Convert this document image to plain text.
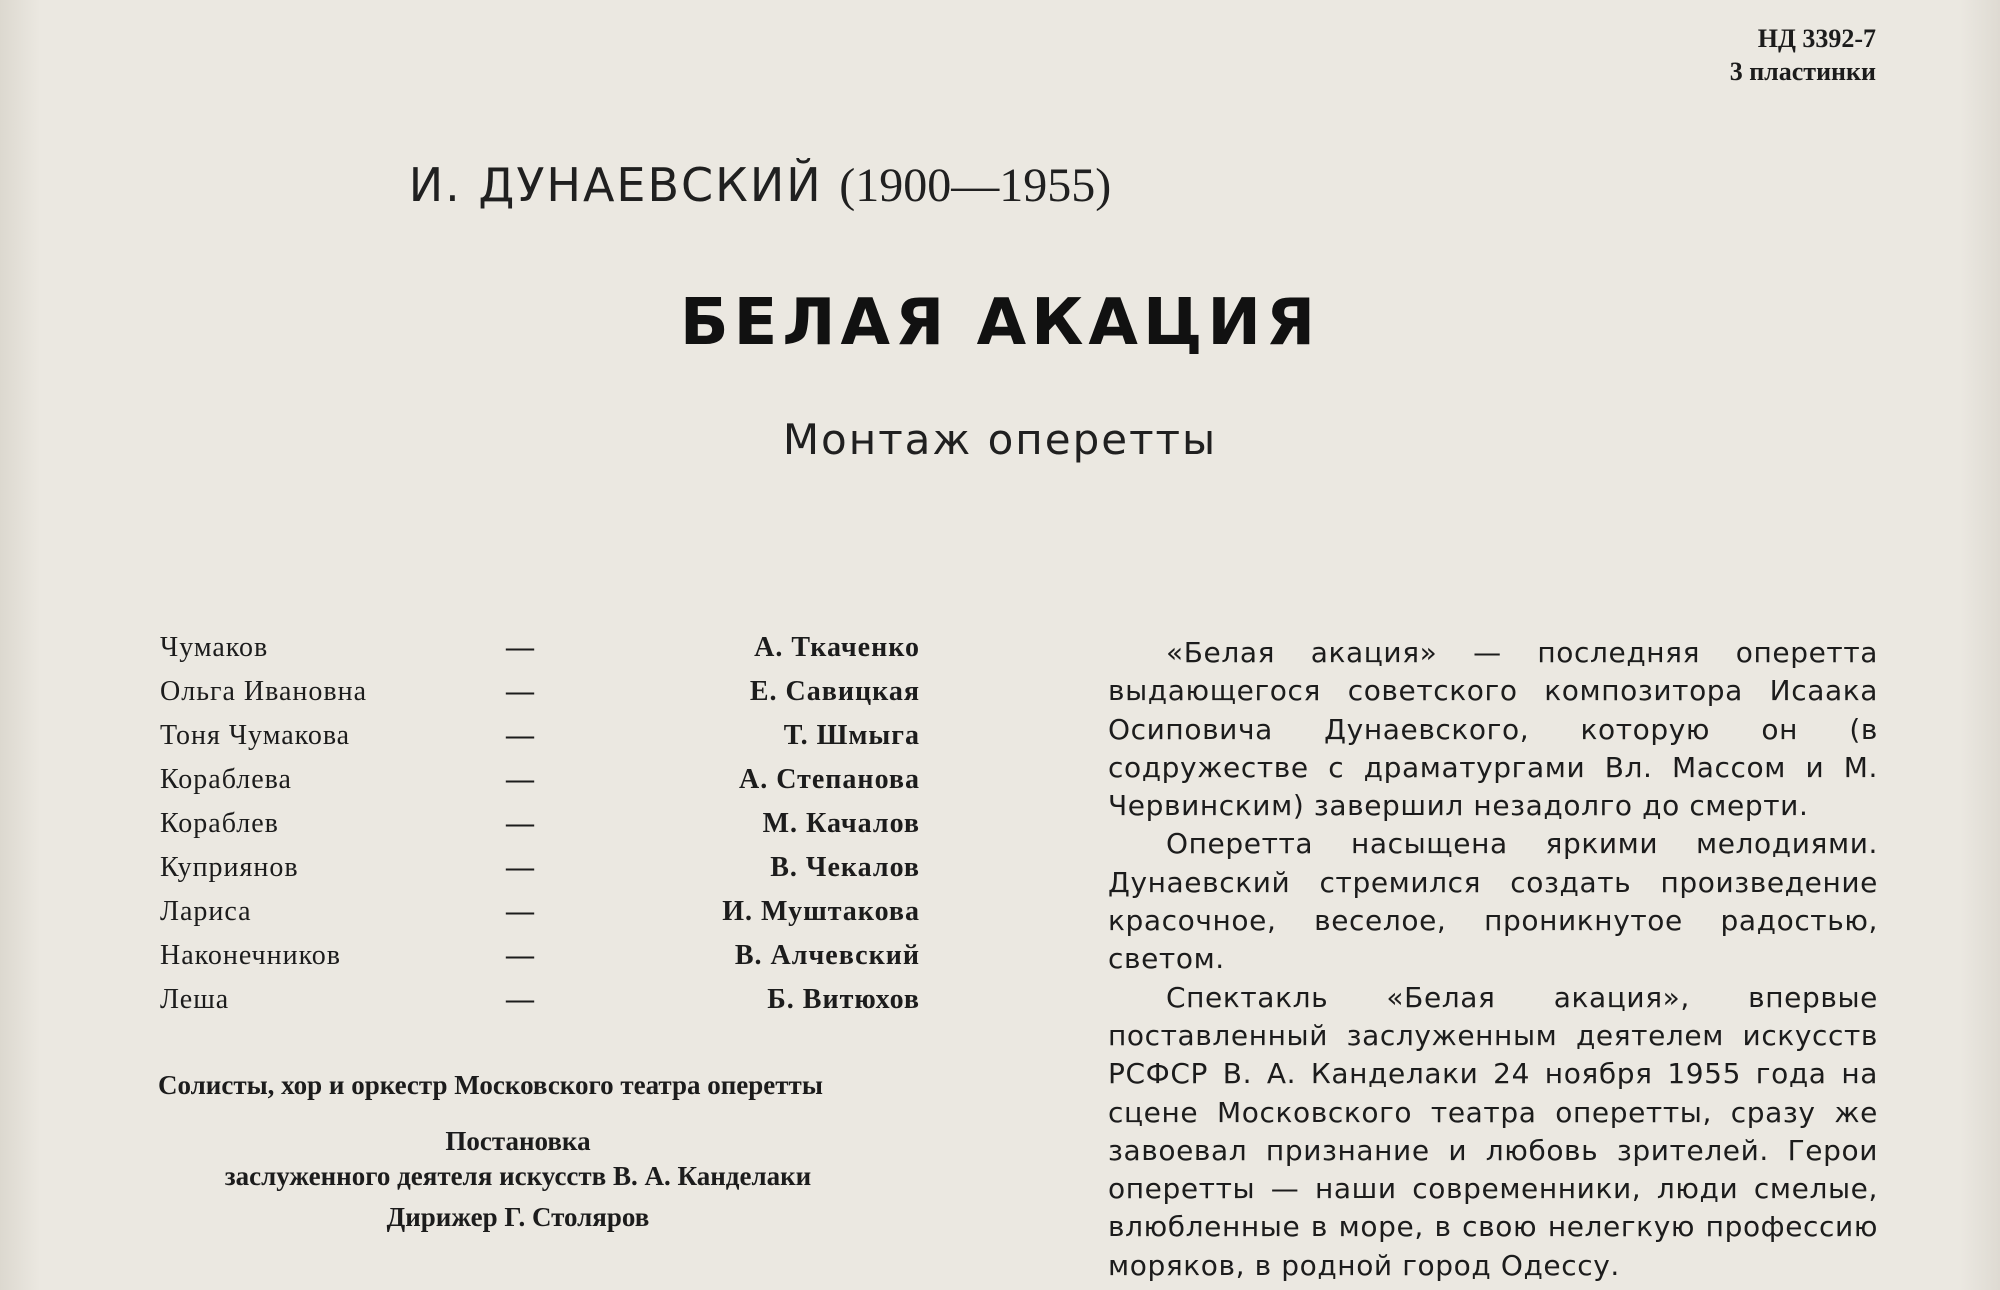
НД 3392-7
3 пластинки
И. ДУНАЕВСКИЙ (1900—1955)
БЕЛАЯ АКАЦИЯ
Монтаж оперетты
Чумаков	—	А. Ткаченко
Ольга Ивановна	—	Е. Савицкая
Тоня Чумакова	—	Т. Шмыга
Кораблева	—	А. Степанова
Кораблев	—	М. Качалов
Куприянов	—	В. Чекалов
Лариса	—	И. Муштакова
Наконечников	—	В. Алчевский
Леша	—	Б. Витюхов
Солисты, хор и оркестр Московского театра оперетты
Постановка
заслуженного деятеля искусств В. А. Канделаки
Дирижер Г. Столяров

«Белая акация» — последняя оперетта выдающегося советского композитора Исаака Осиповича Дунаевского, которую он (в содружестве с драматургами Вл. Массом и М. Червинским) завершил незадолго до смерти.

Оперетта насыщена яркими мелодиями. Дунаевский стремился создать произведение красочное, веселое, проникнутое радостью, светом.

Спектакль «Белая акация», впервые поставленный заслуженным деятелем искусств РСФСР В. А. Канделаки 24 ноября 1955 года на сцене Московского театра оперетты, сразу же завоевал признание и любовь зрителей. Герои оперетты — наши современники, люди смелые, влюбленные в море, в свою нелегкую профессию моряков, в родной город Одессу.
